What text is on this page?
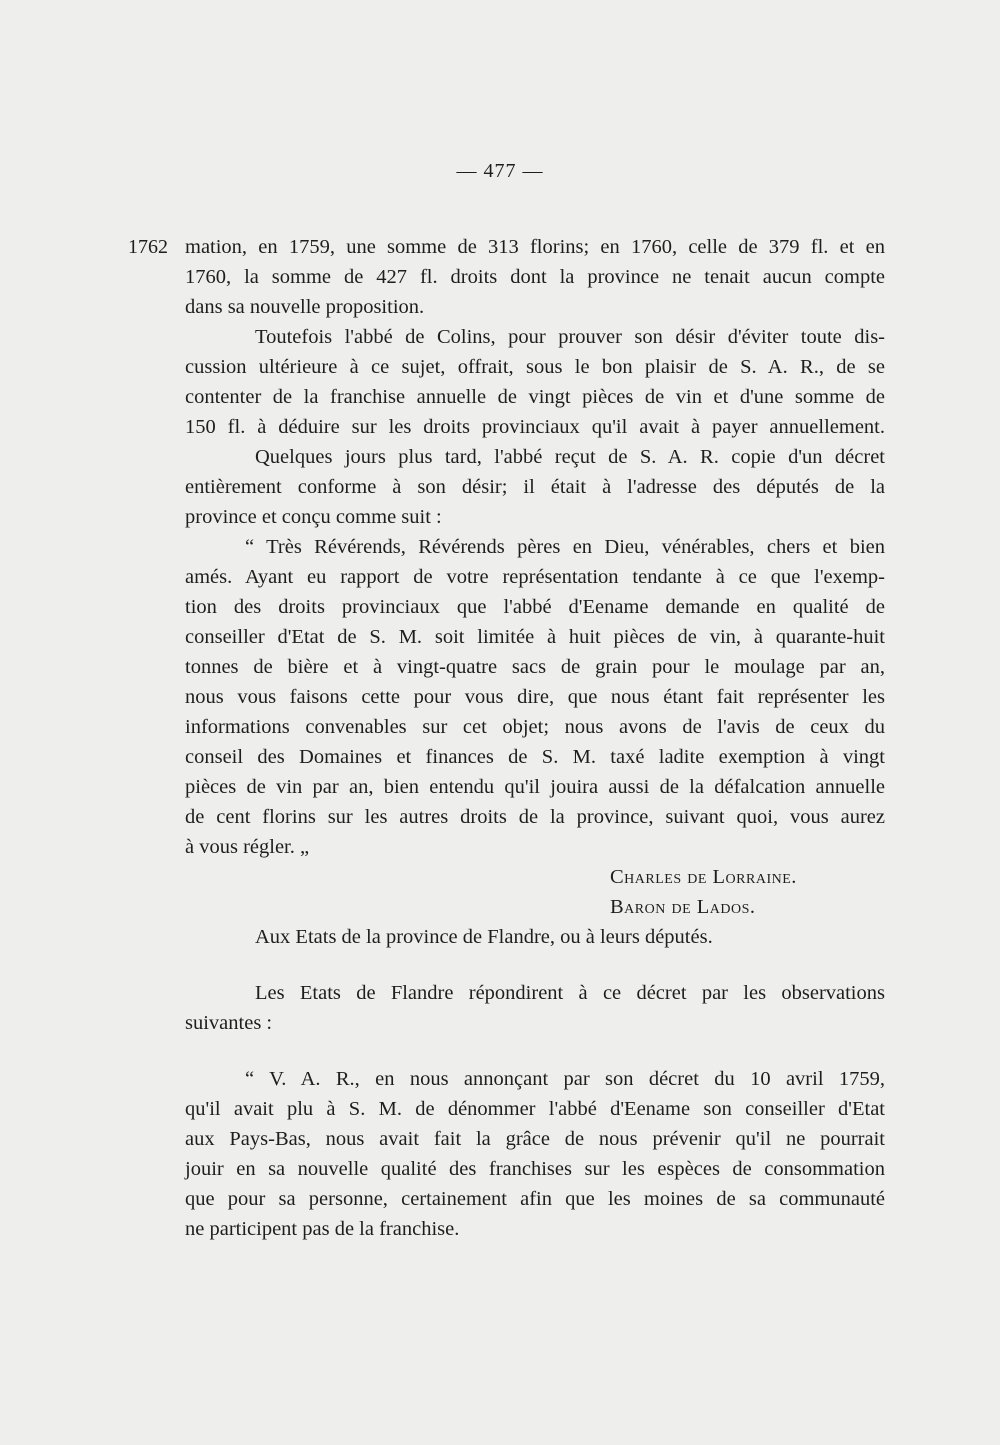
— 477 —
1762 mation, en 1759, une somme de 313 florins; en 1760, celle de 379 fl. et en
1760, la somme de 427 fl. droits dont la province ne tenait aucun compte
dans sa nouvelle proposition.
Toutefois l'abbé de Colins, pour prouver son désir d'éviter toute dis-
cussion ultérieure à ce sujet, offrait, sous le bon plaisir de S. A. R., de se
contenter de la franchise annuelle de vingt pièces de vin et d'une somme de
150 fl. à déduire sur les droits provinciaux qu'il avait à payer annuellement.
Quelques jours plus tard, l'abbé reçut de S. A. R. copie d'un décret
entièrement conforme à son désir; il était à l'adresse des députés de la
province et conçu comme suit :
“ Très Révérends, Révérends pères en Dieu, vénérables, chers et bien
amés. Ayant eu rapport de votre représentation tendante à ce que l'exemp-
tion des droits provinciaux que l'abbé d'Eename demande en qualité de
conseiller d'Etat de S. M. soit limitée à huit pièces de vin, à quarante-huit
tonnes de bière et à vingt-quatre sacs de grain pour le moulage par an,
nous vous faisons cette pour vous dire, que nous étant fait représenter les
informations convenables sur cet objet; nous avons de l'avis de ceux du
conseil des Domaines et finances de S. M. taxé ladite exemption à vingt
pièces de vin par an, bien entendu qu'il jouira aussi de la défalcation annuelle
de cent florins sur les autres droits de la province, suivant quoi, vous aurez
à vous régler. „
Charles de Lorraine.
Baron de Lados.
Aux Etats de la province de Flandre, ou à leurs députés.
Les Etats de Flandre répondirent à ce décret par les observations
suivantes :
“ V. A. R., en nous annonçant par son décret du 10 avril 1759,
qu'il avait plu à S. M. de dénommer l'abbé d'Eename son conseiller d'Etat
aux Pays-Bas, nous avait fait la grâce de nous prévenir qu'il ne pourrait
jouir en sa nouvelle qualité des franchises sur les espèces de consommation
que pour sa personne, certainement afin que les moines de sa communauté
ne participent pas de la franchise.
